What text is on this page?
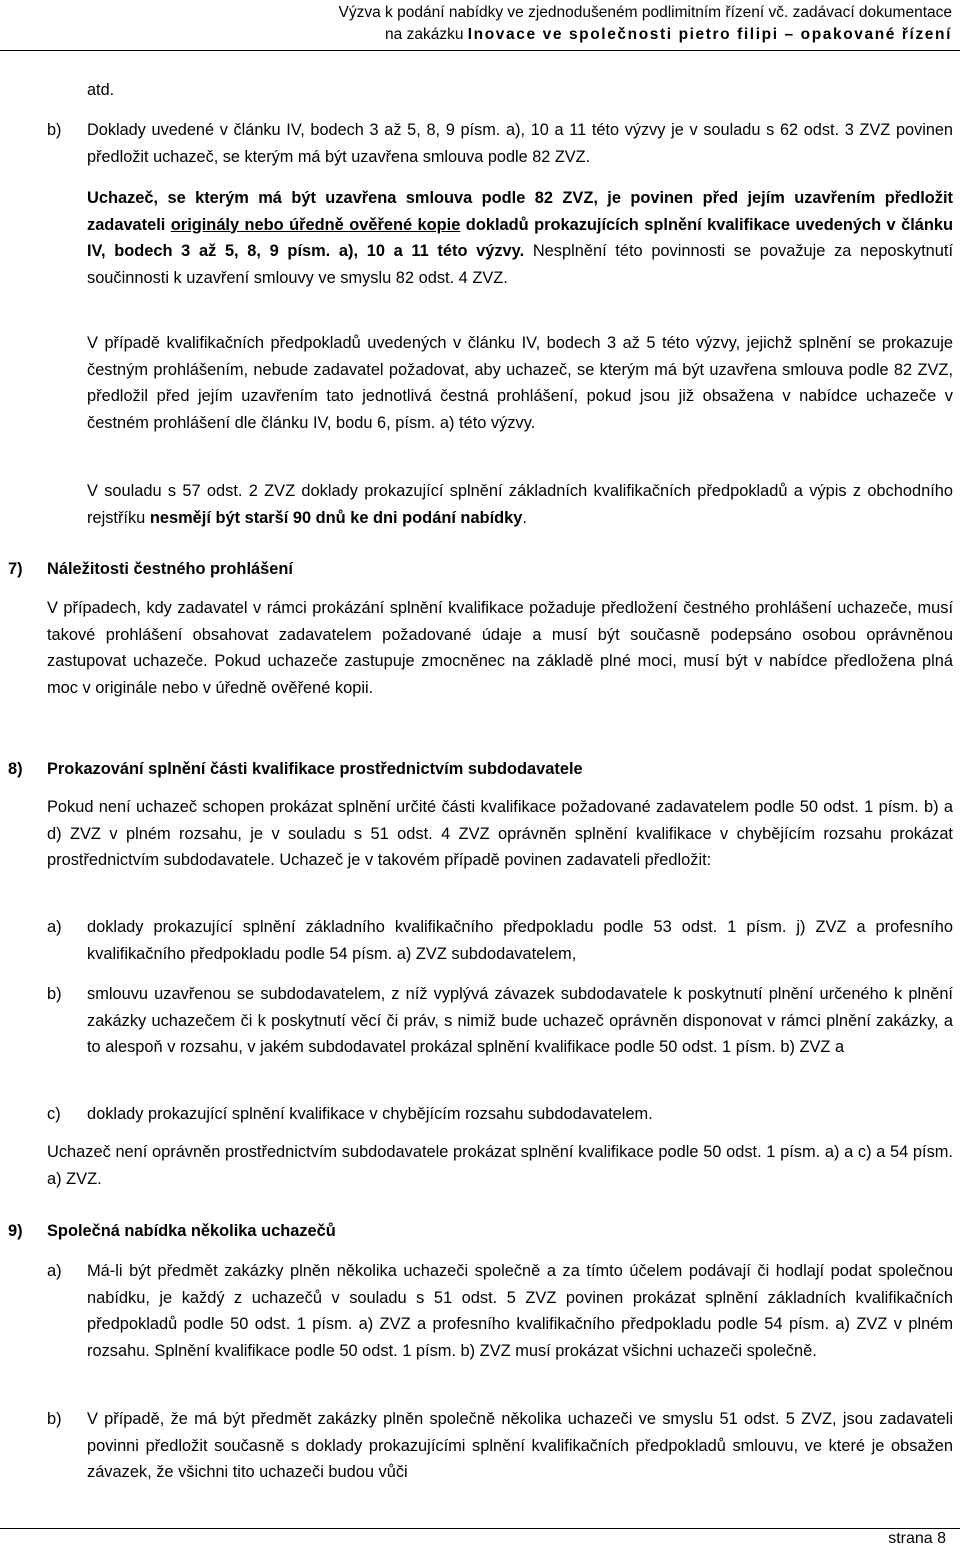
Výzva k podání nabídky ve zjednodušeném podlimitním řízení vč. zadávací dokumentace
na zakázku Inovace ve společnosti pietro filipi – opakované řízení
atd.
b) Doklady uvedené v článku IV, bodech 3 až 5, 8, 9 písm. a), 10 a 11 této výzvy je v souladu s 62 odst. 3 ZVZ povinen předložit uchazeč, se kterým má být uzavřena smlouva podle 82 ZVZ.
Uchazeč, se kterým má být uzavřena smlouva podle 82 ZVZ, je povinen před jejím uzavřením předložit zadavateli originály nebo úředně ověřené kopie dokladů prokazujících splnění kvalifikace uvedených v článku IV, bodech 3 až 5, 8, 9 písm. a), 10 a 11 této výzvy. Nesplnění této povinnosti se považuje za neposkytnutí součinnosti k uzavření smlouvy ve smyslu 82 odst. 4 ZVZ.
V případě kvalifikačních předpokladů uvedených v článku IV, bodech 3 až 5 této výzvy, jejichž splnění se prokazuje čestným prohlášením, nebude zadavatel požadovat, aby uchazeč, se kterým má být uzavřena smlouva podle 82 ZVZ, předložil před jejím uzavřením tato jednotlivá čestná prohlášení, pokud jsou již obsažena v nabídce uchazeče v čestném prohlášení dle článku IV, bodu 6, písm. a) této výzvy.
V souladu s 57 odst. 2 ZVZ doklady prokazující splnění základních kvalifikačních předpokladů a výpis z obchodního rejstříku nesmějí být starší 90 dnů ke dni podání nabídky.
7) Náležitosti čestného prohlášení
V případech, kdy zadavatel v rámci prokázání splnění kvalifikace požaduje předložení čestného prohlášení uchazeče, musí takové prohlášení obsahovat zadavatelem požadované údaje a musí být současně podepsáno osobou oprávněnou zastupovat uchazeče. Pokud uchazeče zastupuje zmocněnec na základě plné moci, musí být v nabídce předložena plná moc v originále nebo v úředně ověřené kopii.
8) Prokazování splnění části kvalifikace prostřednictvím subdodavatele
Pokud není uchazeč schopen prokázat splnění určité části kvalifikace požadované zadavatelem podle 50 odst. 1 písm. b) a d) ZVZ v plném rozsahu, je v souladu s 51 odst. 4 ZVZ oprávněn splnění kvalifikace v chybějícím rozsahu prokázat prostřednictvím subdodavatele. Uchazeč je v takovém případě povinen zadavateli předložit:
a) doklady prokazující splnění základního kvalifikačního předpokladu podle 53 odst. 1 písm. j) ZVZ a profesního kvalifikačního předpokladu podle 54 písm. a) ZVZ subdodavatelem,
b) smlouvu uzavřenou se subdodavatelem, z níž vyplývá závazek subdodavatele k poskytnutí plnění určeného k plnění zakázky uchazečem či k poskytnutí věcí či práv, s nimiž bude uchazeč oprávněn disponovat v rámci plnění zakázky, a to alespoň v rozsahu, v jakém subdodavatel prokázal splnění kvalifikace podle 50 odst. 1 písm. b) ZVZ a
c) doklady prokazující splnění kvalifikace v chybějícím rozsahu subdodavatelem.
Uchazeč není oprávněn prostřednictvím subdodavatele prokázat splnění kvalifikace podle 50 odst. 1 písm. a) a c) a 54 písm. a) ZVZ.
9) Společná nabídka několika uchazečů
a) Má-li být předmět zakázky plněn několika uchazeči společně a za tímto účelem podávají či hodlají podat společnou nabídku, je každý z uchazečů v souladu s 51 odst. 5 ZVZ povinen prokázat splnění základních kvalifikačních předpokladů podle 50 odst. 1 písm. a) ZVZ a profesního kvalifikačního předpokladu podle 54 písm. a) ZVZ v plném rozsahu. Splnění kvalifikace podle 50 odst. 1 písm. b) ZVZ musí prokázat všichni uchazeči společně.
b) V případě, že má být předmět zakázky plněn společně několika uchazeči ve smyslu 51 odst. 5 ZVZ, jsou zadavateli povinni předložit současně s doklady prokazujícími splnění kvalifikačních předpokladů smlouvu, ve které je obsažen závazek, že všichni tito uchazeči budou vůči
strana 8
